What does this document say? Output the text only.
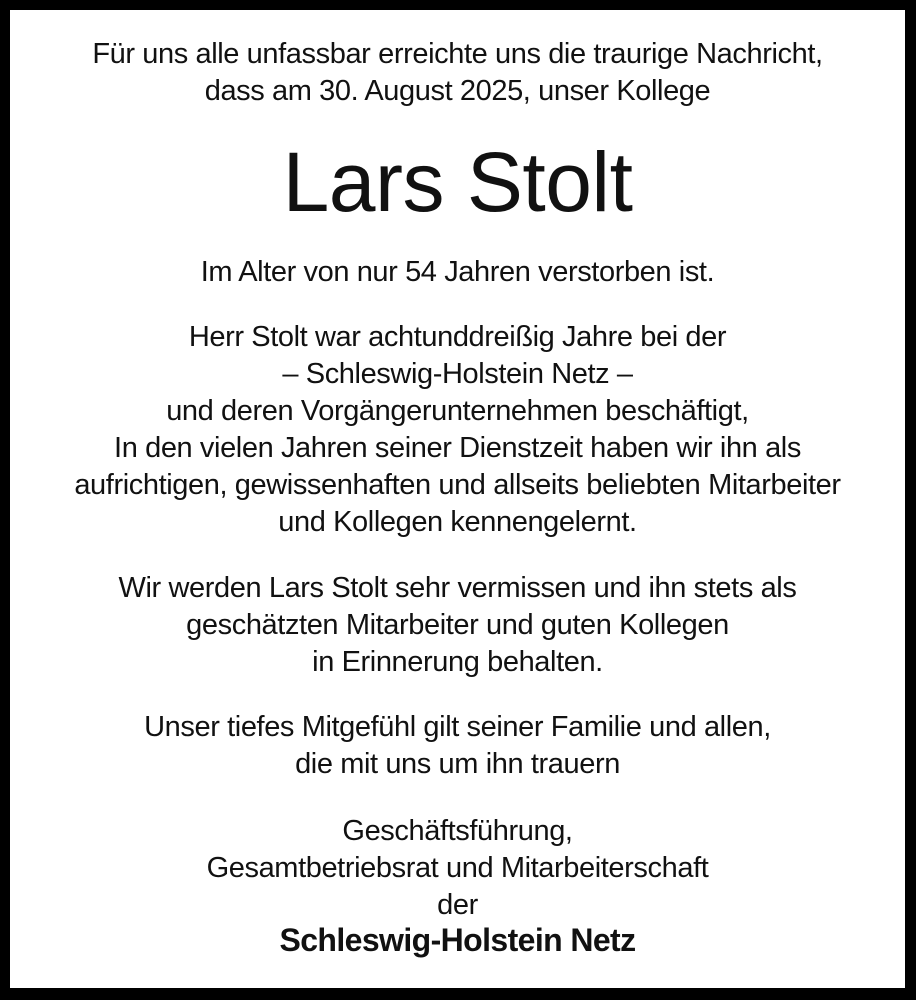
Für uns alle unfassbar erreichte uns die traurige Nachricht,
dass am 30. August 2025, unser Kollege
Lars Stolt
Im Alter von nur 54 Jahren verstorben ist.
Herr Stolt war achtunddreißig Jahre bei der
– Schleswig-Holstein Netz –
und deren Vorgängerunternehmen beschäftigt,
In den vielen Jahren seiner Dienstzeit haben wir ihn als
aufrichtigen, gewissenhaften und allseits beliebten Mitarbeiter
und Kollegen kennengelernt.
Wir werden Lars Stolt sehr vermissen und ihn stets als
geschätzten Mitarbeiter und guten Kollegen
in Erinnerung behalten.
Unser tiefes Mitgefühl gilt seiner Familie und allen,
die mit uns um ihn trauern
Geschäftsführung,
Gesamtbetriebsrat und Mitarbeiterschaft
der
Schleswig-Holstein Netz
